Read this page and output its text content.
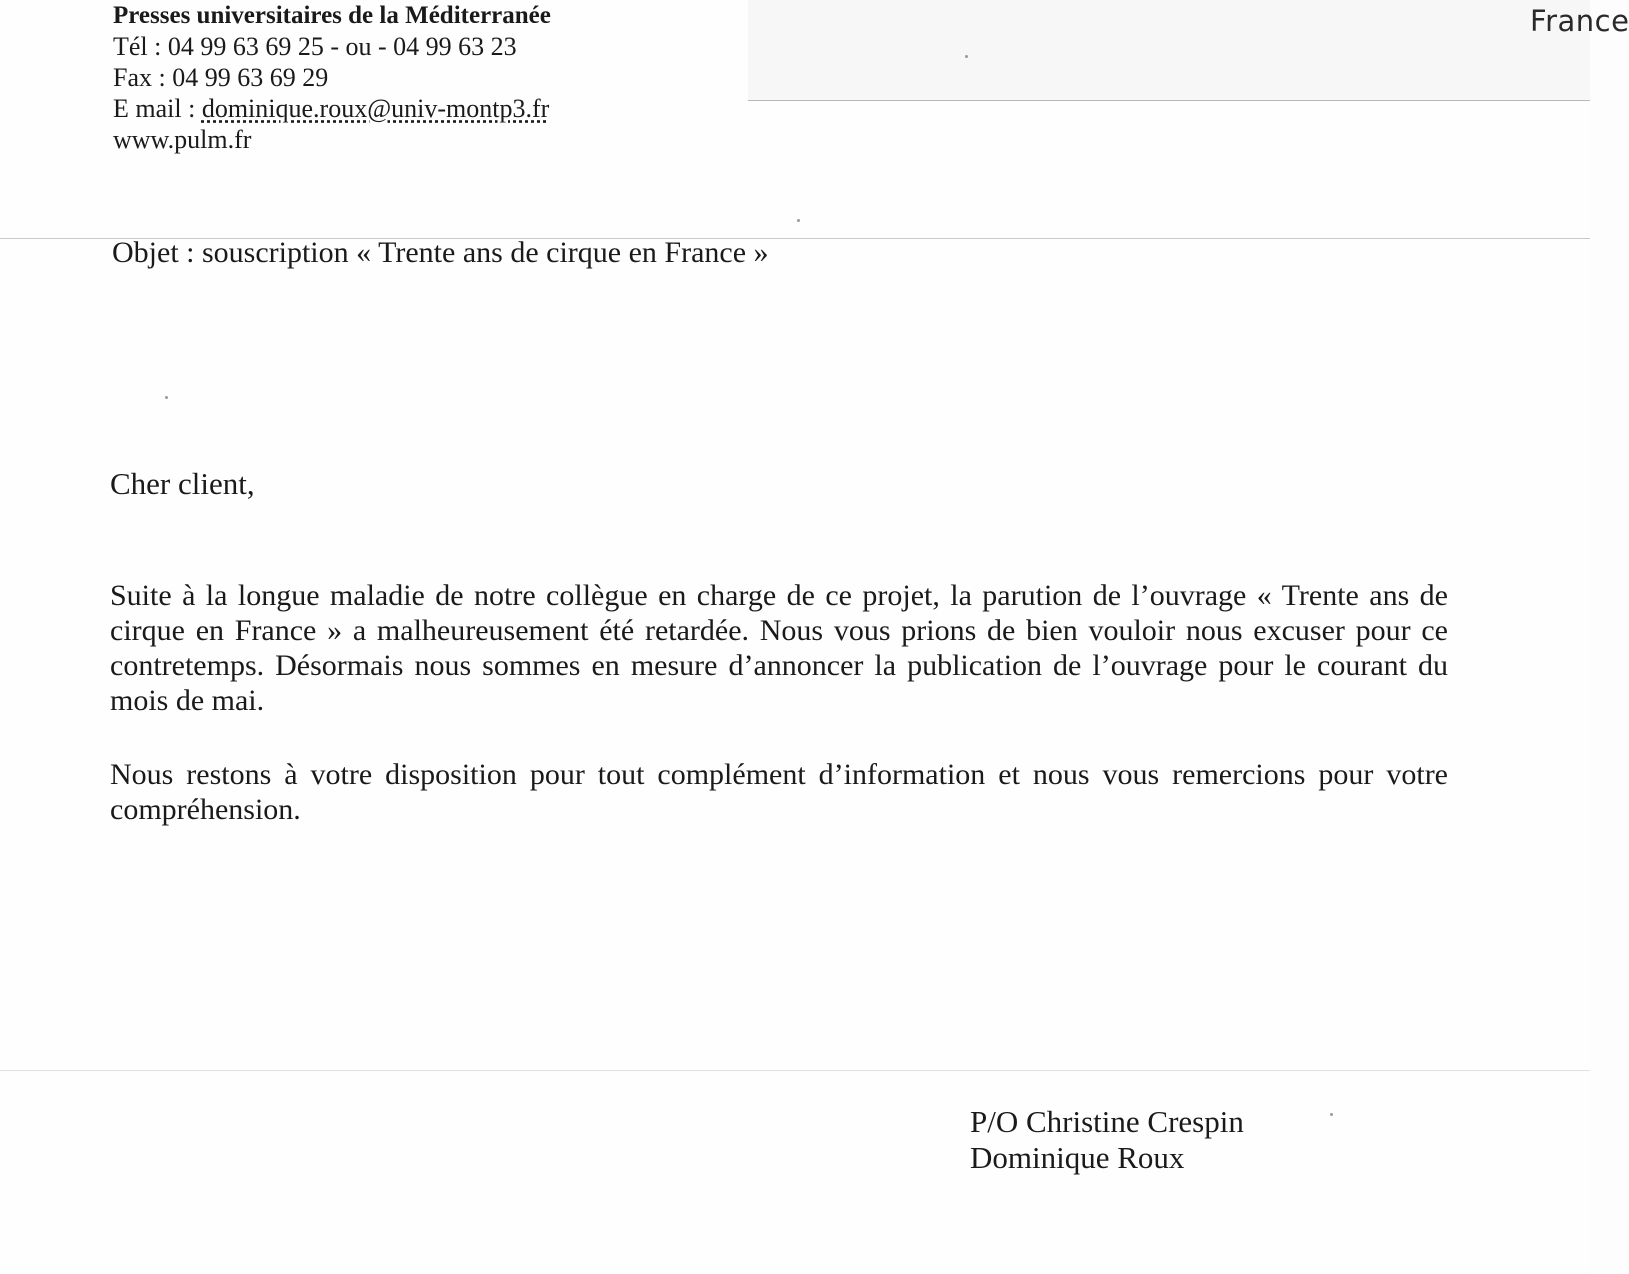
France
Presses universitaires de la Méditerranée
Tél : 04 99 63 69 25 - ou - 04 99 63 23
Fax : 04 99 63 69 29
E mail : dominique.roux@univ-montp3.fr
www.pulm.fr
Objet : souscription « Trente ans de cirque en France »
Cher client,
Suite à la longue maladie de notre collègue en charge de ce projet, la parution de l’ouvrage « Trente ans de cirque en France » a malheureusement été retardée. Nous vous prions de bien vouloir nous excuser pour ce contretemps. Désormais nous sommes en mesure d’annoncer la publication de l’ouvrage pour le courant du mois de mai.
Nous restons à votre disposition pour tout complément d’information et nous vous remercions pour votre compréhension.
P/O Christine Crespin
Dominique Roux
